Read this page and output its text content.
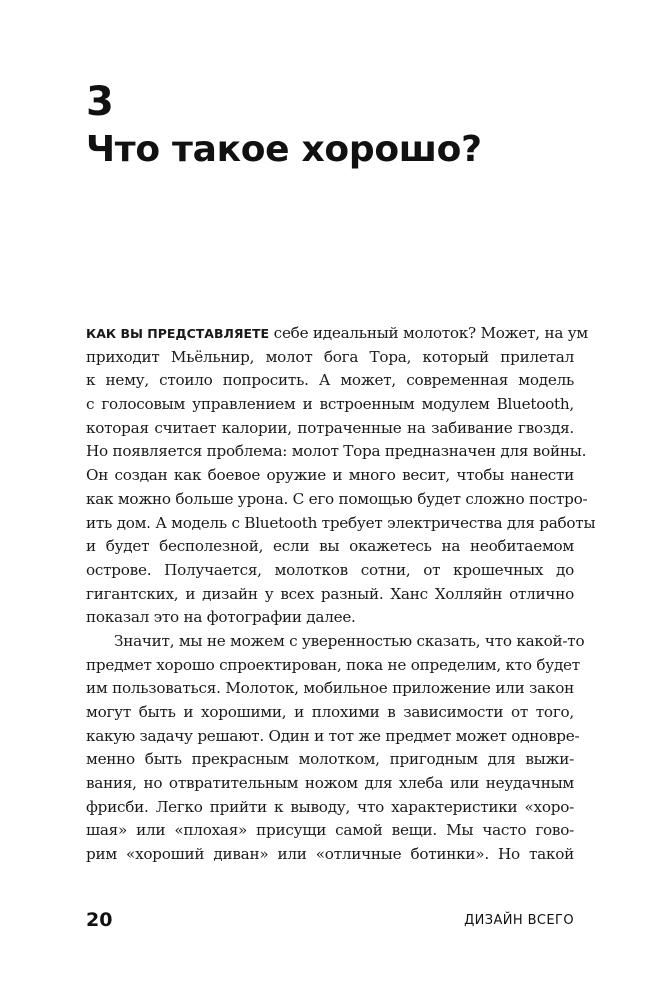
3
Что такое хорошо?
КАК ВЫ ПРЕДСТАВЛЯЕТЕ себе идеальный молоток? Может, на ум
приходит Мьёльнир, молот бога Тора, который прилетал
к нему, стоило попросить. А может, современная модель
с голосовым управлением и встроенным модулем Bluetooth,
которая считает калории, потраченные на забивание гвоздя.
Но появляется проблема: молот Тора предназначен для войны.
Он создан как боевое оружие и много весит, чтобы нанести
как можно больше урона. С его помощью будет сложно постро-
ить дом. А модель с Bluetooth требует электричества для работы
и будет бесполезной, если вы окажетесь на необитаемом
острове. Получается, молотков сотни, от крошечных до
гигантских, и дизайн у всех разный. Ханс Холляйн отлично
показал это на фотографии далее.
Значит, мы не можем с уверенностью сказать, что какой-то
предмет хорошо спроектирован, пока не определим, кто будет
им пользоваться. Молоток, мобильное приложение или закон
могут быть и хорошими, и плохими в зависимости от того,
какую задачу решают. Один и тот же предмет может одновре-
менно быть прекрасным молотком, пригодным для выжи-
вания, но отвратительным ножом для хлеба или неудачным
фрисби. Легко прийти к выводу, что характеристики «хоро-
шая» или «плохая» присущи самой вещи. Мы часто гово-
рим «хороший диван» или «отличные ботинки». Но такой
20	ДИЗАЙН ВСЕГО
